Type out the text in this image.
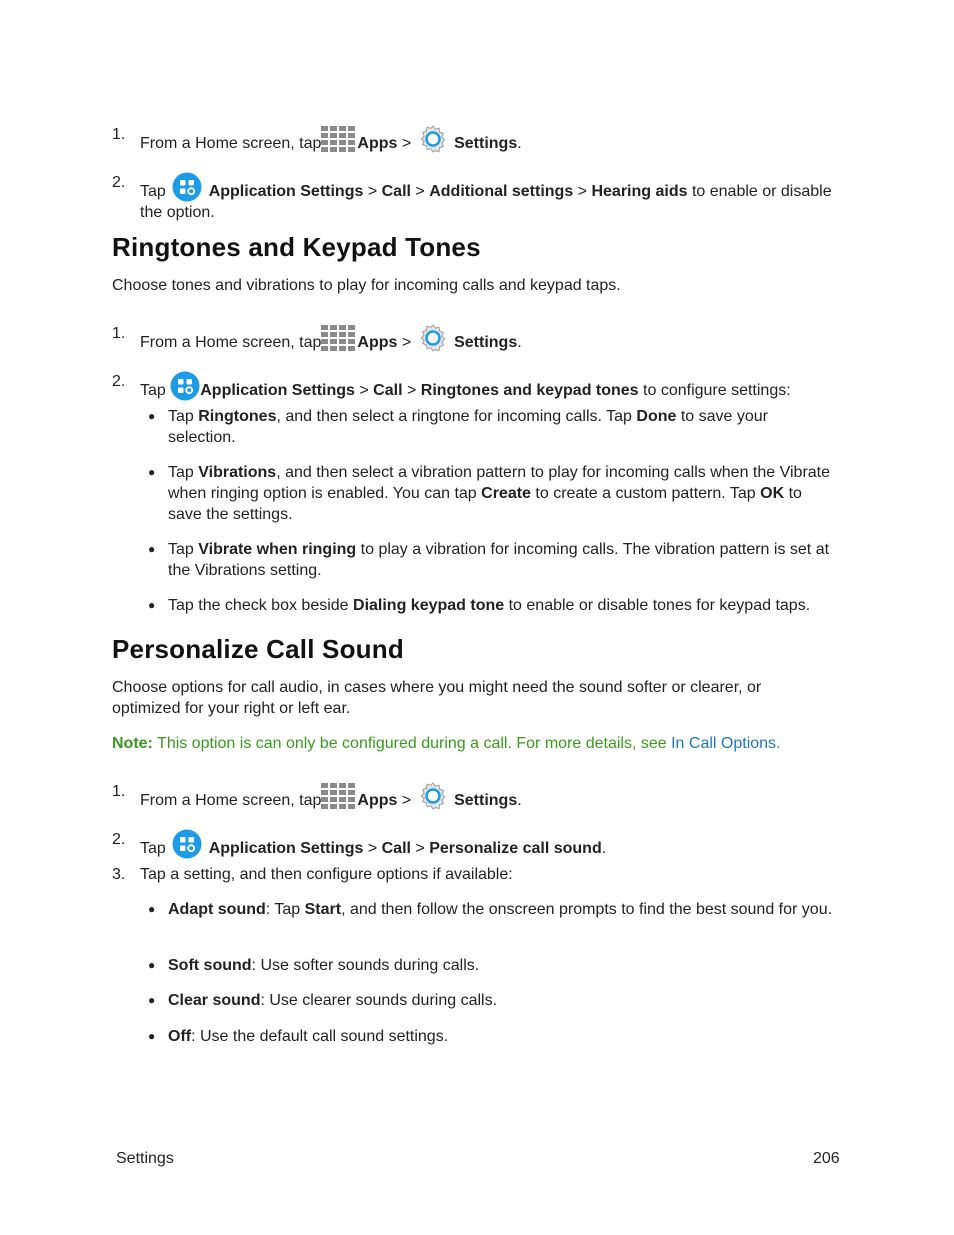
1.
From a Home screen, tap Apps >	Settings.
2.
Tap	Application Settings > Call > Additional settings > Hearing aids to enable or disable the option.
Ringtones and Keypad Tones

Choose tones and vibrations to play for incoming calls and keypad taps.

1.
From a Home screen, tap Apps >	Settings.
2.
Tap Application Settings > Call > Ringtones and keypad tones to configure settings:
● Tap Ringtones, and then select a ringtone for incoming calls. Tap Done to save your selection.
● Tap Vibrations, and then select a vibration pattern to play for incoming calls when the Vibrate when ringing option is enabled. You can tap Create to create a custom pattern. Tap OK to save the settings.
● Tap Vibrate when ringing to play a vibration for incoming calls. The vibration pattern is set at the Vibrations setting.
● Tap the check box beside Dialing keypad tone to enable or disable tones for keypad taps.
Personalize Call Sound

Choose options for call audio, in cases where you might need the sound softer or clearer, or optimized for your right or left ear.

Note: This option is can only be configured during a call. For more details, see In Call Options.

1.
From a Home screen, tap Apps >	Settings.
2.
Tap	Application Settings > Call > Personalize call sound.
3. Tap a setting, and then configure options if available:
● Adapt sound: Tap Start, and then follow the onscreen prompts to find the best sound for you.
● Soft sound: Use softer sounds during calls.
● Clear sound: Use clearer sounds during calls.
● Off: Use the default call sound settings.
Settings	206
